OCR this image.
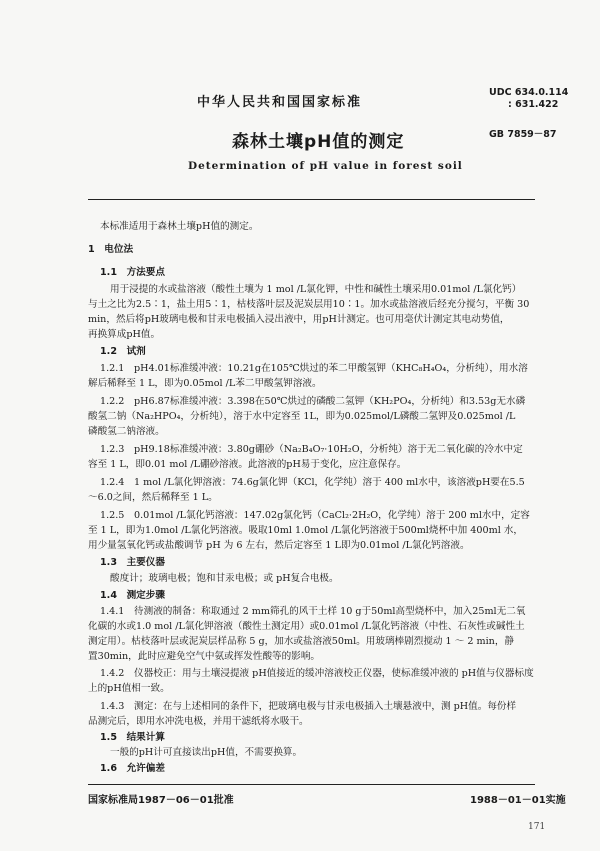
中华人民共和国国家标准
UDC 634.0.114
: 631.422
GB 7859－87
森林土壤pH值的测定
Determination of pH value in forest soil
本标准适用于森林土壤pH值的测定。
1　电位法
1.1　方法要点
用于浸提的水或盐溶液（酸性土壤为 1 mol /L氯化钾，中性和碱性土壤采用0.01mol /L氯化钙）
与土之比为2.5∶1，盐土用5∶1，枯枝落叶层及泥炭层用10∶1。加水或盐溶液后经充分搅匀，平衡 30
min，然后将pH玻璃电极和甘汞电极插入浸出液中，用pH计测定。也可用毫伏计测定其电动势值，
再换算成pH值。
1.2　试剂
1.2.1　pH4.01标准缓冲液：10.21g在105℃烘过的苯二甲酸氢钾（KHC₈H₄O₄，分析纯），用水溶
解后稀释至 1 L，即为0.05mol /L苯二甲酸氢钾溶液。
1.2.2　pH6.87标准缓冲液：3.398在50℃烘过的磷酸二氢钾（KH₂PO₄，分析纯）和3.53g无水磷
酸氢二钠（Na₂HPO₄，分析纯），溶于水中定容至 1L，即为0.025mol/L磷酸二氢钾及0.025mol /L
磷酸氢二钠溶液。
1.2.3　pH9.18标准缓冲液：3.80g硼砂（Na₂B₄O₇·10H₂O，分析纯）溶于无二氧化碳的冷水中定
容至 1 L，即0.01 mol /L硼砂溶液。此溶液的pH易于变化，应注意保存。
1.2.4　1 mol /L氯化钾溶液：74.6g氯化钾（KCl，化学纯）溶于 400 ml水中，该溶液pH要在5.5
～6.0之间，然后稀释至 1 L。
1.2.5　0.01mol /L氯化钙溶液：147.02g氯化钙（CaCl₂·2H₂O，化学纯）溶于 200 ml水中，定容
至 1 L，即为1.0mol /L氯化钙溶液。吸取10ml 1.0mol /L氯化钙溶液于500ml烧杯中加 400ml 水，
用少量氢氧化钙或盐酸调节 pH 为 6 左右，然后定容至 1 L即为0.01mol /L氯化钙溶液。
1.3　主要仪器
酸度计；玻璃电极；饱和甘汞电极；或 pH复合电极。
1.4　测定步骤
1.4.1　待测液的制备：称取通过 2 mm筛孔的风干土样 10 g于50ml高型烧杯中，加入25ml无二氧
化碳的水或1.0 mol /L氯化钾溶液（酸性土测定用）或0.01mol /L氯化钙溶液（中性、石灰性或碱性土
测定用）。枯枝落叶层或泥炭层样品称 5 g，加水或盐溶液50ml。用玻璃棒剧烈搅动 1 ～ 2 min，静
置30min，此时应避免空气中氨或挥发性酸等的影响。
1.4.2　仪器校正：用与土壤浸提液 pH值接近的缓冲溶液校正仪器，使标准缓冲液的 pH值与仪器标度
上的pH值相一致。
1.4.3　测定：在与上述相同的条件下，把玻璃电极与甘汞电极插入土壤悬液中，测 pH值。每份样
品测完后，即用水冲洗电极，并用干滤纸将水吸干。
1.5　结果计算
一般的pH计可直接读出pH值，不需要换算。
1.6　允许偏差
国家标准局1987－06－01批准	1988－01－01实施
171
